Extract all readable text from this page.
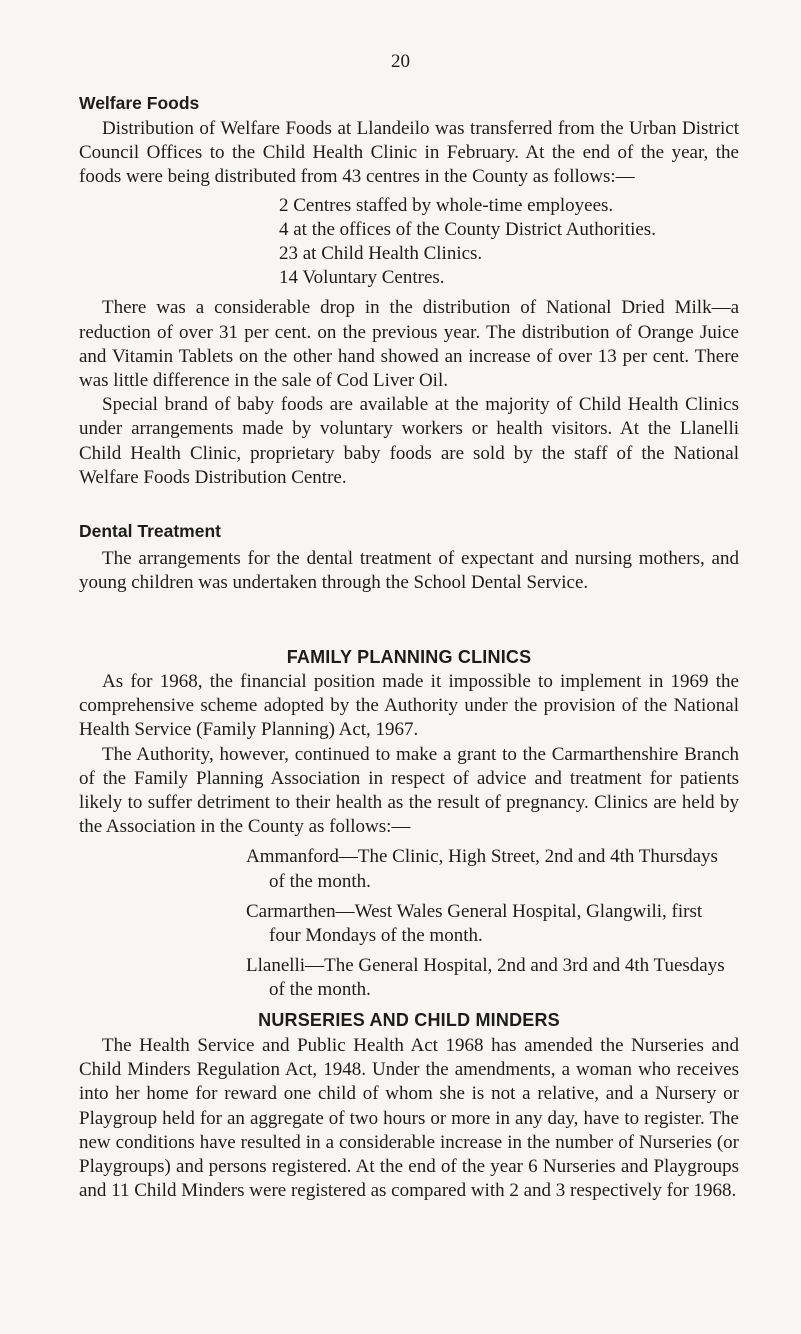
20
Welfare Foods

Distribution of Welfare Foods at Llandeilo was transferred from the Urban District Council Offices to the Child Health Clinic in February. At the end of the year, the foods were being distributed from 43 centres in the County as follows:—

2 Centres staffed by whole-time employees.
4 at the offices of the County District Authorities.
23 at Child Health Clinics.
14 Voluntary Centres.

There was a considerable drop in the distribution of National Dried Milk—a reduction of over 31 per cent. on the previous year. The distribution of Orange Juice and Vitamin Tablets on the other hand showed an increase of over 13 per cent. There was little difference in the sale of Cod Liver Oil.

Special brand of baby foods are available at the majority of Child Health Clinics under arrangements made by voluntary workers or health visitors. At the Llanelli Child Health Clinic, proprietary baby foods are sold by the staff of the National Welfare Foods Distribution Centre.

Dental Treatment

The arrangements for the dental treatment of expectant and nursing mothers, and young children was undertaken through the School Dental Service.

FAMILY PLANNING CLINICS

As for 1968, the financial position made it impossible to implement in 1969 the comprehensive scheme adopted by the Authority under the provision of the National Health Service (Family Planning) Act, 1967.

The Authority, however, continued to make a grant to the Carmarthenshire Branch of the Family Planning Association in respect of advice and treatment for patients likely to suffer detriment to their health as the result of pregnancy. Clinics are held by the Association in the County as follows:—

Ammanford—The Clinic, High Street, 2nd and 4th Thursdays
of the month.
Carmarthen—West Wales General Hospital, Glangwili, first
four Mondays of the month.
Llanelli—The General Hospital, 2nd and 3rd and 4th Tuesdays
of the month.
NURSERIES AND CHILD MINDERS

The Health Service and Public Health Act 1968 has amended the Nurseries and Child Minders Regulation Act, 1948. Under the amendments, a woman who receives into her home for reward one child of whom she is not a relative, and a Nursery or Playgroup held for an aggregate of two hours or more in any day, have to register. The new conditions have resulted in a considerable increase in the number of Nurseries (or Playgroups) and persons registered. At the end of the year 6 Nurseries and Playgroups and 11 Child Minders were registered as compared with 2 and 3 respectively for 1968.
